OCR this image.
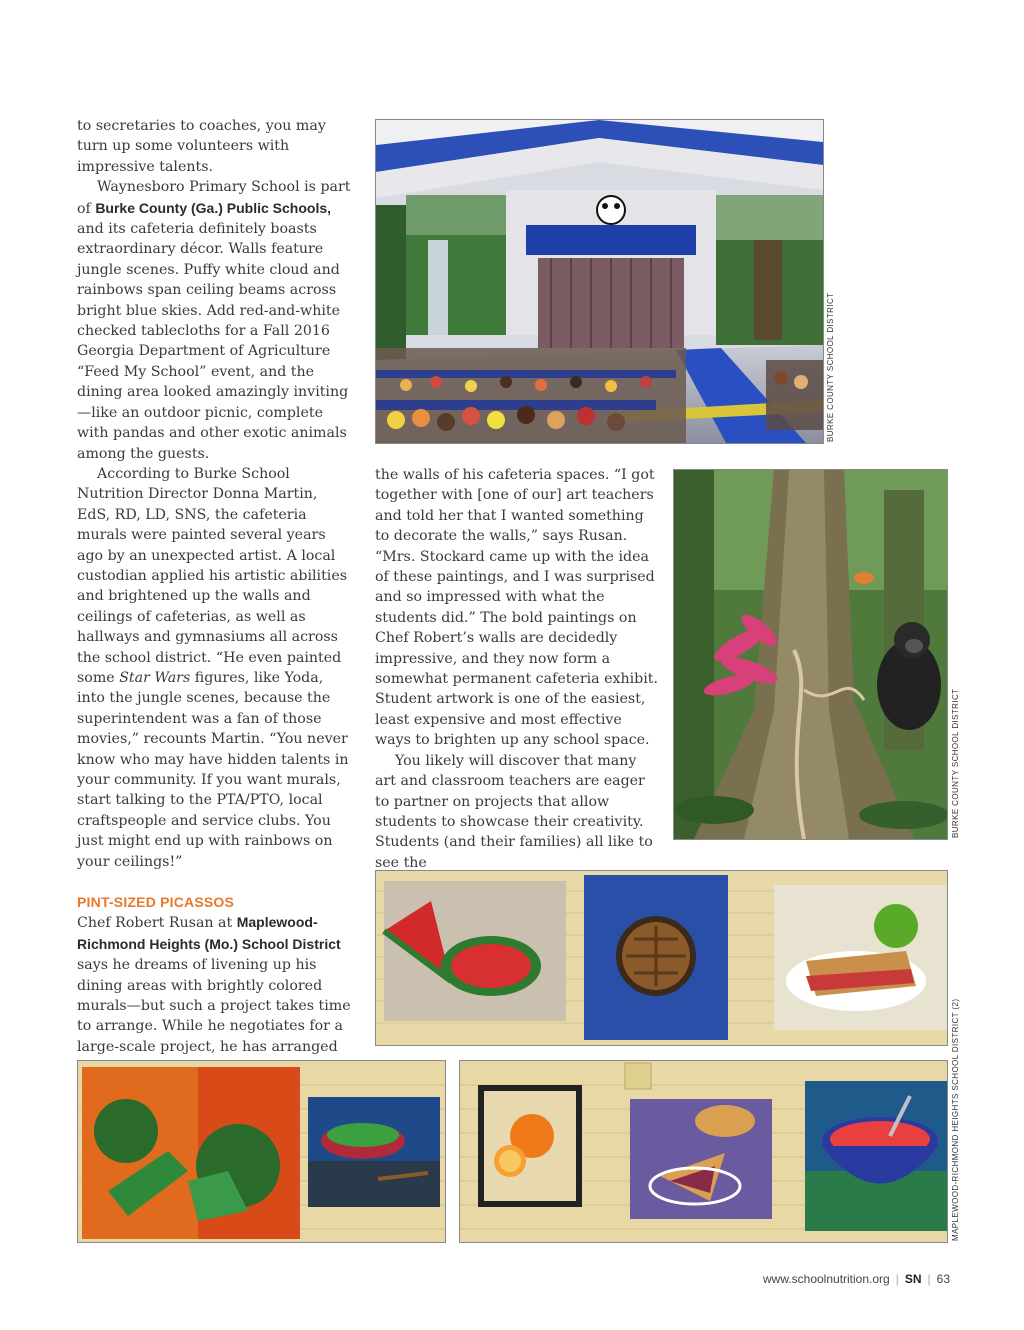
to secretaries to coaches, you may turn up some volunteers with impressive talents.

Waynesboro Primary School is part of Burke County (Ga.) Public Schools, and its cafeteria definitely boasts extraordinary décor. Walls feature jungle scenes. Puffy white cloud and rainbows span ceiling beams across bright blue skies. Add red-and-white checked tablecloths for a Fall 2016 Georgia Department of Agriculture “Feed My School” event, and the dining area looked amazingly inviting—like an outdoor picnic, complete with pandas and other exotic animals among the guests.

According to Burke School Nutrition Director Donna Martin, EdS, RD, LD, SNS, the cafeteria murals were painted several years ago by an unexpected artist. A local custodian applied his artistic abilities and brightened up the walls and ceilings of cafeterias, as well as hallways and gymnasiums all across the school district. “He even painted some Star Wars figures, like Yoda, into the jungle scenes, because the superintendent was a fan of those movies,” recounts Martin. “You never know who may have hidden talents in your community. If you want murals, start talking to the PTA/PTO, local craftspeople and service clubs. You just might end up with rainbows on your ceilings!”

PINT-SIZED PICASSOS

Chef Robert Rusan at Maplewood-Richmond Heights (Mo.) School District says he dreams of livening up his dining areas with brightly colored murals—but such a project takes time to arrange. While he negotiates for a large-scale project, he has arranged

the walls of his cafeteria spaces. “I got together with [one of our] art teachers and told her that I wanted something to decorate the walls,” says Rusan. “Mrs. Stockard came up with the idea of these paintings, and I was surprised and so impressed with what the students did.” The bold paintings on Chef Robert’s walls are decidedly impressive, and they now form a somewhat permanent cafeteria exhibit. Student artwork is one of the easiest, least expensive and most effective ways to brighten up any school space.

You likely will discover that many art and classroom teachers are eager to partner on projects that allow students to showcase their creativity. Students (and their families) all like to see the

BURKE COUNTY SCHOOL DISTRICT
BURKE COUNTY SCHOOL DISTRICT
MAPLEWOOD-RICHMOND HEIGHTS SCHOOL DISTRICT (2)
www.schoolnutrition.org | SN | 63
